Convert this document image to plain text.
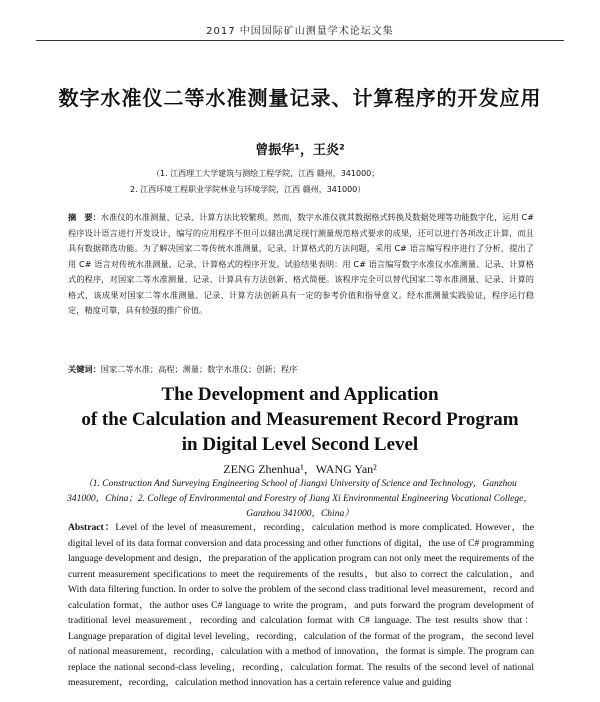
2017 中国国际矿山测量学术论坛文集
数字水准仪二等水准测量记录、计算程序的开发应用
曾振华¹，王炎²
（1. 江西理工大学建筑与测绘工程学院，江西 赣州，341000；
2. 江西环境工程职业学院林业与环境学院，江西 赣州，341000）
摘　要：水准仪的水准测量、记录、计算方法比较繁琐。然而，数字水准仪就其数据格式转换及数据处理等功能数字化，运用 C# 程序设计语言进行开发设计，编写的应用程序不但可以储出满足现行测量规范格式要求的成果，还可以进行各项改正计算，而且具有数据筛选功能。为了解决国家二等传统水准测量，记录，计算格式的方法问题，采用 C# 语言编写程序进行了分析，提出了用 C# 语言对传统水准测量、记录、计算格式的程序开发。试验结果表明：用 C# 语言编写数字水准仪水准测量、记录、计算格式的程序，对国家二等水准测量、记录、计算具有方法创新、格式简便。该程序完全可以替代国家二等水准测量、记录、计算的格式，该成果对国家二等水准测量、记录、计算方法创新具有一定的参考价值和指导意义。经水准测量实践验证，程序运行稳定，精度可靠，具有较强的推广价值。
关键词：国家二等水准；高程；测量；数字水准仪；创新；程序
The Development and Application
of the Calculation and Measurement Record Program
in Digital Level Second Level
ZENG Zhenhua¹，WANG Yan²
（1. Construction And Surveying Engineering School of Jiangxi University of Science and Technology，Ganzhou 341000，China；2. College of Environmental and Forestry of Jiang Xi Environmental Engineering Vocational College，Ganzhou 341000，China）
Abstract：Level of the level of measurement，recording，calculation method is more complicated. However，the digital level of its data format conversion and data processing and other functions of digital，the use of C# programming language development and design，the preparation of the application program can not only meet the requirements of the current measurement specifications to meet the requirements of the results，but also to correct the calculation，and With data filtering function. In order to solve the problem of the second class traditional level measurement，record and calculation format，the author uses C# language to write the program，and puts forward the program development of traditional level measurement，recording and calculation format with C# language. The test results show that：Language preparation of digital level leveling，recording，calculation of the format of the program，the second level of national measurement，recording，calculation with a method of innovation，the format is simple. The program can replace the national second-class leveling，recording，calculation format. The results of the second level of national measurement，recording，calculation method innovation has a certain reference value and guiding
